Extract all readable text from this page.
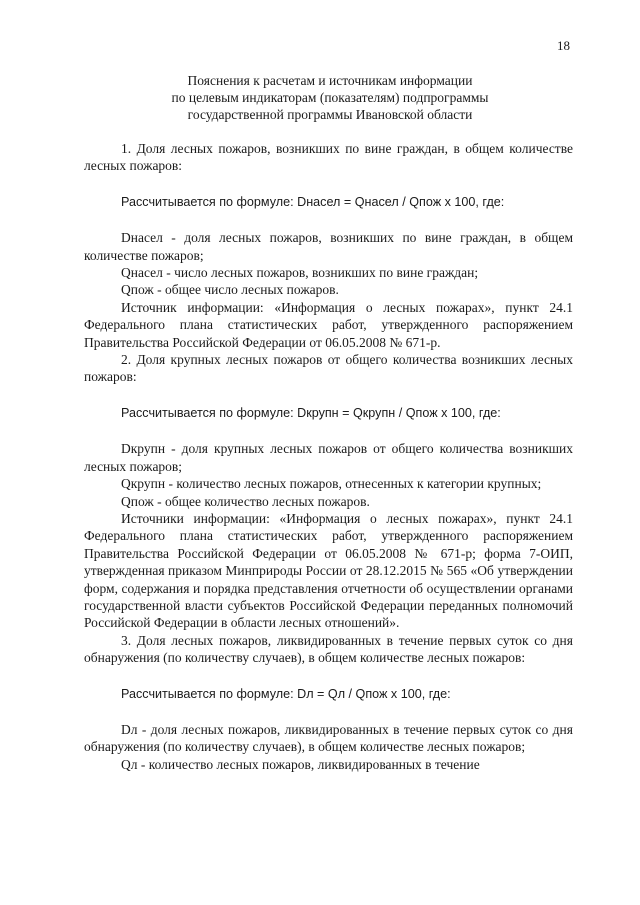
18
Пояснения к расчетам и источникам информации
по целевым индикаторам (показателям) подпрограммы
государственной программы Ивановской области

1. Доля лесных пожаров, возникших по вине граждан, в общем количестве лесных пожаров:

Рассчитывается по формуле: Dнасел = Qнасел / Qпож х 100, где:

Dнасел - доля лесных пожаров, возникших по вине граждан, в общем количестве пожаров;

Qнасел - число лесных пожаров, возникших по вине граждан;

Qпож - общее число лесных пожаров.

Источник информации: «Информация о лесных пожарах», пункт 24.1 Федерального плана статистических работ, утвержденного распоряжением Правительства Российской Федерации от 06.05.2008 № 671-р.

2. Доля крупных лесных пожаров от общего количества возникших лесных пожаров:

Рассчитывается по формуле: Dкрупн = Qкрупн / Qпож х 100, где:

Dкрупн - доля крупных лесных пожаров от общего количества возникших лесных пожаров;

Qкрупн - количество лесных пожаров, отнесенных к категории крупных;

Qпож - общее количество лесных пожаров.

Источники информации: «Информация о лесных пожарах», пункт 24.1 Федерального плана статистических работ, утвержденного распоряжением Правительства Российской Федерации от 06.05.2008 № 671-р; форма 7-ОИП, утвержденная приказом Минприроды России от 28.12.2015 № 565 «Об утверждении форм, содержания и порядка представления отчетности об осуществлении органами государственной власти субъектов Российской Федерации переданных полномочий Российской Федерации в области лесных отношений».

3. Доля лесных пожаров, ликвидированных в течение первых суток со дня обнаружения (по количеству случаев), в общем количестве лесных пожаров:

Рассчитывается по формуле: Dл = Qл / Qпож х 100, где:

Dл - доля лесных пожаров, ликвидированных в течение первых суток со дня обнаружения (по количеству случаев), в общем количестве лесных пожаров;

Qл - количество лесных пожаров, ликвидированных в течение
